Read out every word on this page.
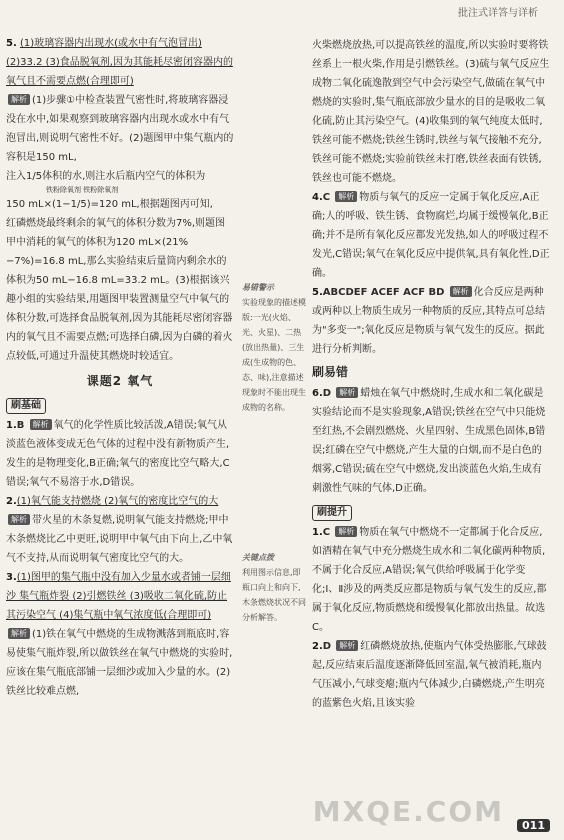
批注式详答与详析

5. (1)玻璃容器内出现水(或水中有气泡冒出)

(2)33.2 (3)食品脱氧剂,因为其能耗尽密闭容器内的氧气且不需要点燃(合理即可)

解析 (1)步骤①中检查装置气密性时,将玻璃容器浸没在水中,如果观察到玻璃容器内出现水或水中有气泡冒出,则说明气密性不好。(2)题图甲中集气瓶内的容积是150 mL,

注入1/5体积的水,则注水后瓶内空气的体积为

铁粉除氧剂 铁粉除氧剂

150 mL×(1−1/5)=120 mL,根据题图丙可知,

红磷燃烧最终剩余的氧气的体积分数为7%,则题图甲中消耗的氧气的体积为120 mL×(21%−7%)=16.8 mL,那么实验结束后量筒内剩余水的体积为50 mL−16.8 mL=33.2 mL。(3)根据该兴趣小组的实验结果,用题图甲装置测量空气中氧气的体积分数,可选择食品脱氧剂,因为其能耗尽密闭容器内的氧气且不需要点燃;可选择白磷,因为白磷的着火点较低,可通过升温使其燃烧时较适宜。

课题2 氧气
刷基础

1.B 解析 氧气的化学性质比较活泼,A错误;氧气从淡蓝色液体变成无色气体的过程中没有新物质产生,发生的是物理变化,B正确;氧气的密度比空气略大,C错误;氧气不易溶于水,D错误。

2.(1)氧气能支持燃烧 (2)氧气的密度比空气的大

解析 带火星的木条复燃,说明氧气能支持燃烧;甲中木条燃烧比乙中更旺,说明甲中氧气由下向上,乙中氧气不支持,从而说明氧气密度比空气的大。

3.(1)图甲的集气瓶中没有加入少量水或者铺一层细沙 集气瓶炸裂 (2)引燃铁丝 (3)吸收二氧化硫,防止其污染空气 (4)集气瓶中氧气浓度低(合理即可)

解析 (1)铁在氧气中燃烧的生成物溅落到瓶底时,容易使集气瓶炸裂,所以做铁丝在氧气中燃烧的实验时,应该在集气瓶底部铺一层细沙或加入少量的水。(2)铁丝比较难点燃,

易错警示
实验现象的描述模版:一光(火焰、光、火星)、二热(放出热量)、三生成(生成物的色、态、味),注意描述现象时不能出现生成物的名称。
关键点拨
利用图示信息,即瓶口向上和向下,木条燃烧状况不同分析解答。

火柴燃烧放热,可以提高铁丝的温度,所以实验时要将铁丝系上一根火柴,作用是引燃铁丝。(3)硫与氧气反应生成物二氧化硫逸散到空气中会污染空气,做硫在氧气中燃烧的实验时,集气瓶底部放少量水的目的是吸收二氧化硫,防止其污染空气。(4)收集到的氧气纯度太低时,铁丝可能不燃烧;铁丝生锈时,铁丝与氧气接触不充分,铁丝可能不燃烧;实验前铁丝未打磨,铁丝表面有铁锈,铁丝也可能不燃烧。

4.C 解析 物质与氧气的反应一定属于氧化反应,A正确;人的呼吸、铁生锈、食物腐烂,均属于缓慢氧化,B正确;并不是所有氧化反应都发光发热,如人的呼吸过程不发光,C错误;氧气在氧化反应中提供氧,具有氧化性,D正确。

5.ABCDEF ACEF ACF BD 解析 化合反应是两种或两种以上物质生成另一种物质的反应,其特点可总结为"多变一";氧化反应是物质与氧气发生的反应。据此进行分析判断。

刷易错

6.D 解析 蜡烛在氧气中燃烧时,生成水和二氧化碳是实验结论而不是实验现象,A错误;铁丝在空气中只能烧至红热,不会剧烈燃烧、火星四射、生成黑色固体,B错误;红磷在空气中燃烧,产生大量的白烟,而不是白色的烟雾,C错误;硫在空气中燃烧,发出淡蓝色火焰,生成有刺激性气味的气体,D正确。

刷提升

1.C 解析 物质在氧气中燃烧不一定都属于化合反应,如酒精在氧气中充分燃烧生成水和二氧化碳两种物质,不属于化合反应,A错误;氧气供给呼吸属于化学变化;Ⅰ、Ⅱ涉及的两类反应都是物质与氧气发生的反应,都属于氧化反应,物质燃烧和缓慢氧化都放出热量。故选C。

2.D 解析 红磷燃烧放热,使瓶内气体受热膨胀,气球鼓起,反应结束后温度逐渐降低回室温,氧气被消耗,瓶内气压减小,气球变瘪;瓶内气体减少,白磷燃烧,产生明亮的蓝紫色火焰,且该实验

MXQE.COM	011
